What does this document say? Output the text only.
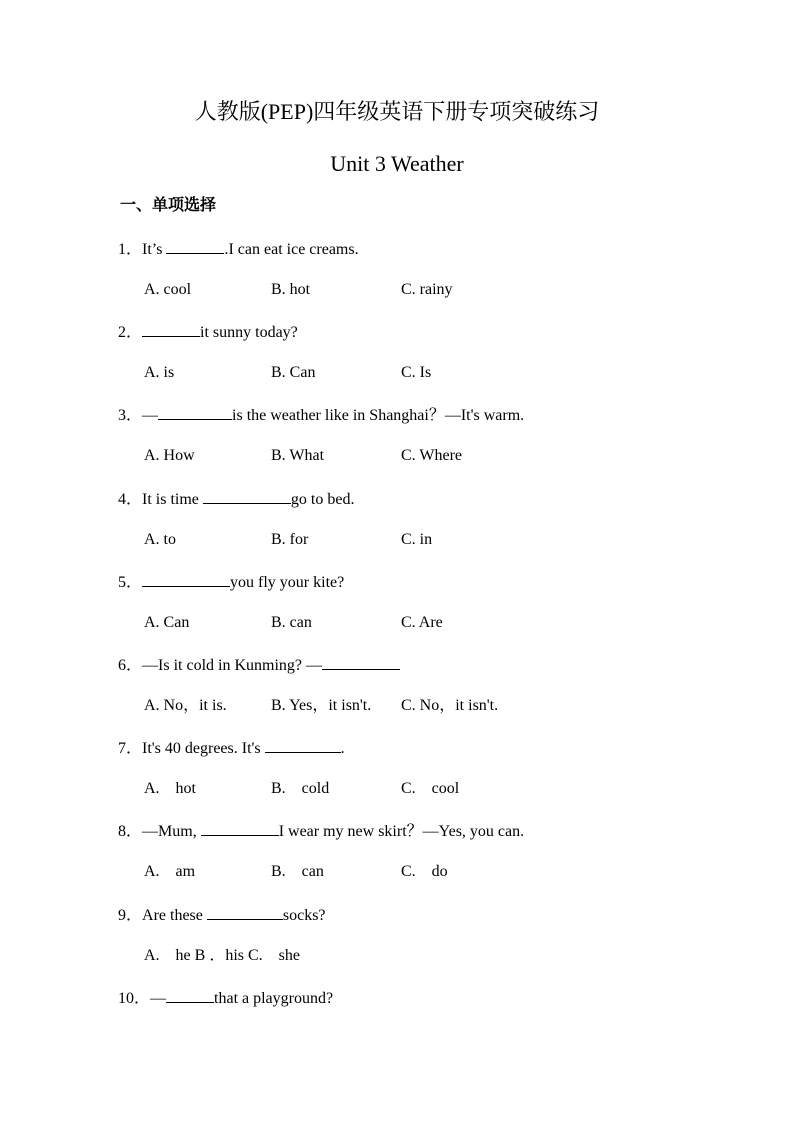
人教版(PEP)四年级英语下册专项突破练习
Unit 3 Weather
一、单项选择
1．It’s	.I can eat ice creams.
A. cool	B. hot	C. rainy
2．	it sunny today?
A. is	B. Can	C. Is
3．—	is the weather like in Shanghai？—It's warm.
A. How	B. What	C. Where
4．It is time	go to bed.
A. to	B. for	C. in
5．	you fly your kite?
A. Can	B. can	C. Are
6．—Is it cold in Kunming? —
A. No，it is.	B. Yes，it isn't. C. No，it isn't.
7．It's 40 degrees. It's	.
A.    hot	B.    cold	C.    cool
8．—Mum,	I wear my new skirt？—Yes, you can.
A.    am	B.    can	C.    do
9．Are these	socks?
A.    he B ．his C.    she
10．—	that a playground?
